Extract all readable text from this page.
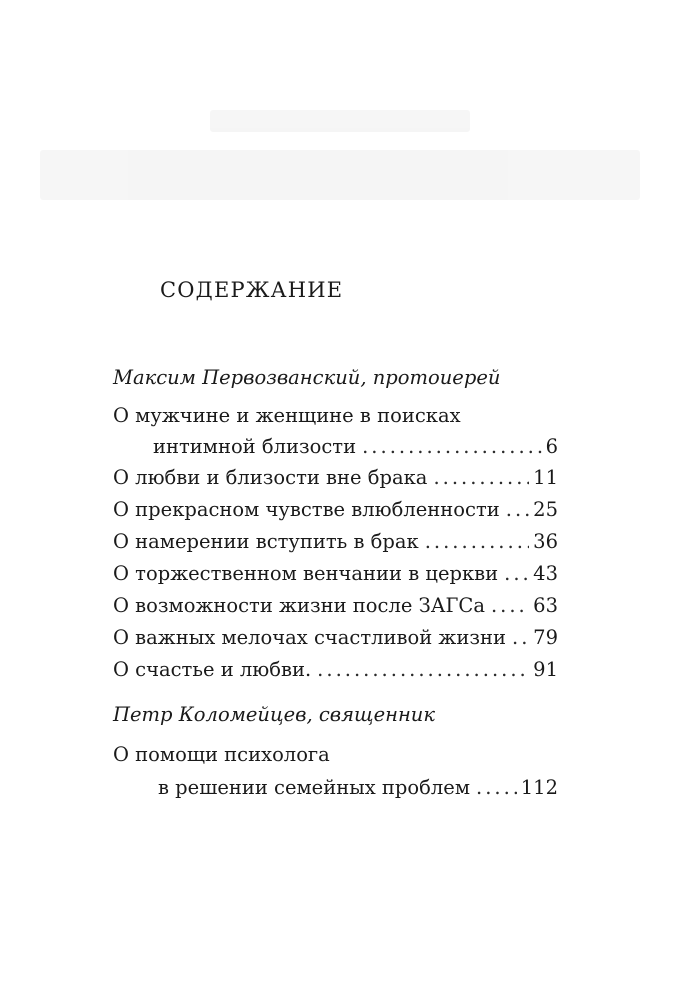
СОДЕРЖАНИЕ
Максим Первозванский, протоиерей
О мужчине и женщине в поисках
интимной близости .....	6
О любви и близости вне брака .....	11
О прекрасном чувстве влюбленности ..... 25
О намерении вступить в брак .....	36
О торжественном венчании в церкви ..... 43
О возможности жизни после ЗАГСа ..... 63
О важных мелочах счастливой жизни ..... 79
О счастье и любви. .....	91
Петр Коломейцев, священник
О помощи психолога
в решении семейных проблем .....	112
